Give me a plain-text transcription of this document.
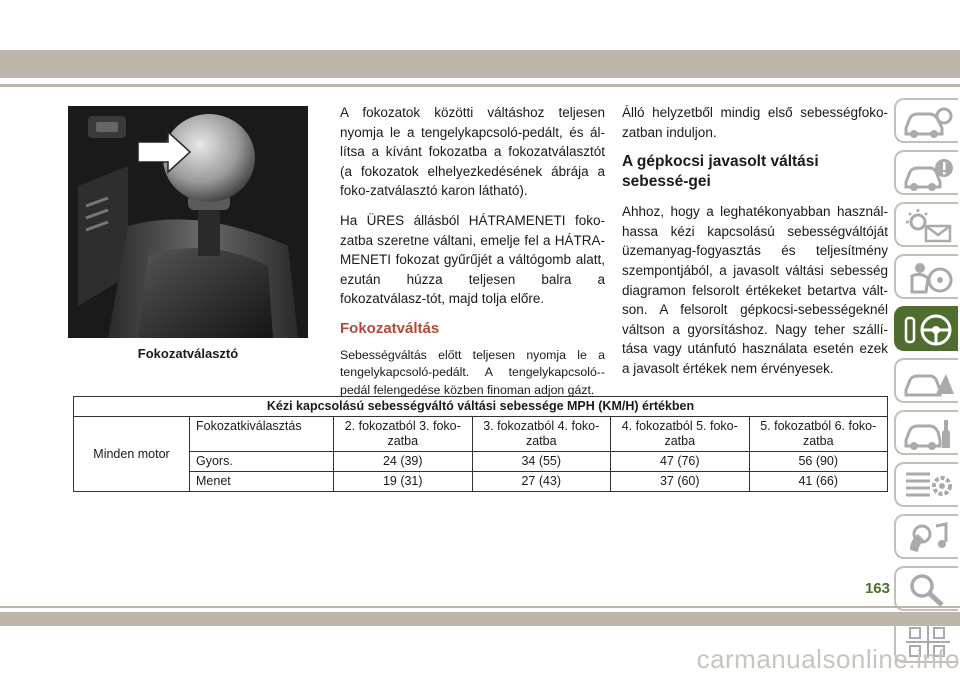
Fokozatválasztó

A fokozatok közötti váltáshoz teljesen nyomja le a tengelykapcsoló-pedált, és ál-lítsa a kívánt fokozatba a fokozatválasztót (a fokozatok elhelyezkedésének ábrája a foko-zatválasztó karon látható).

Ha ÜRES állásból HÁTRAMENETI foko-zatba szeretne váltani, emelje fel a HÁTRA-MENETI fokozat gyűrűjét a váltógomb alatt, ezután húzza teljesen balra a fokozatválasz-tót, majd tolja előre.

Fokozatváltás

Sebességváltás előtt teljesen nyomja le a tengelykapcsoló-pedált. A tengelykapcsoló--pedál felengedése közben finoman adjon gázt.

Álló helyzetből mindig első sebességfoko-zatban induljon.

A gépkocsi javasolt váltási sebessé-gei

Ahhoz, hogy a leghatékonyabban használ-hassa kézi kapcsolású sebességváltóját üzemanyag-fogyasztás és teljesítmény szempontjából, a javasolt váltási sebesség diagramon felsorolt értékeket betartva vált-son. A felsorolt gépkocsi-sebességeknél váltson a gyorsításhoz. Nagy teher szállí-tása vagy utánfutó használata esetén ezek a javasolt értékek nem érvényesek.

Kézi kapcsolású sebességváltó váltási sebessége MPH (KM/H) értékben					
Minden motor	Fokozatkiválasztás	2. fokozatból 3. foko-zatba	3. fokozatból 4. foko-zatba	4. fokozatból 5. foko-zatba	5. fokozatból 6. foko-zatba
	Gyors.	24 (39)	34 (55)	47 (76)	56 (90)
	Menet	19 (31)	27 (43)	37 (60)	41 (66)
163
carmanualsonline.info
